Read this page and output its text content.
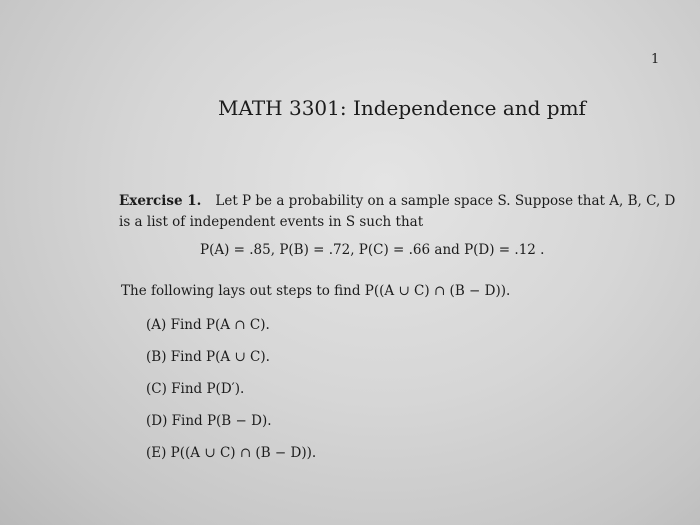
1
MATH 3301: Independence and pmf
Exercise 1. Let P be a probability on a sample space S. Suppose that A, B, C, D is a list of independent events in S such that
P(A) = .85, P(B) = .72, P(C) = .66 and P(D) = .12 .
The following lays out steps to find P((A ∪ C) ∩ (B − D)).
(A) Find P(A ∩ C).
(B) Find P(A ∪ C).
(C) Find P(D′).
(D) Find P(B − D).
(E) P((A ∪ C) ∩ (B − D)).
